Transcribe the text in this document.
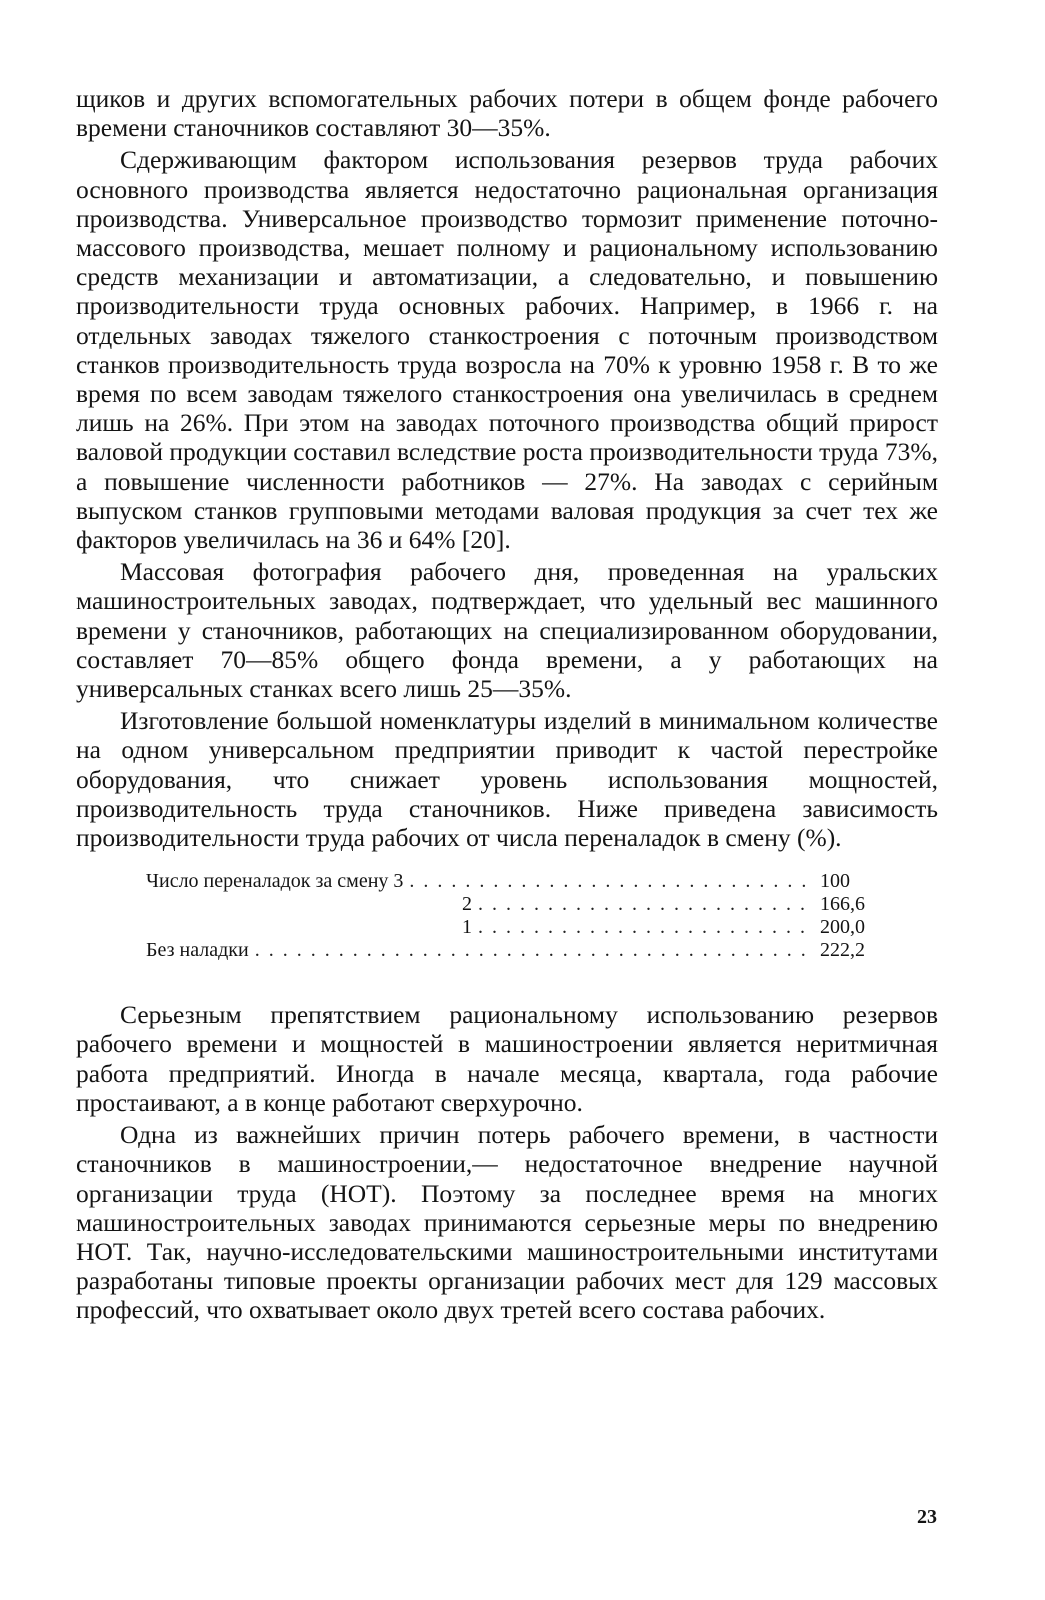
щиков и других вспомогательных рабочих потери в общем фонде рабочего времени станочников составляют 30—35%.

Сдерживающим фактором использования резервов труда рабочих основного производства является недостаточно рациональная организация производства. Универсальное производство тормозит применение поточно-массового производства, мешает полному и рациональному использованию средств механизации и автоматизации, а следовательно, и повышению производительности труда основных рабочих. Например, в 1966 г. на отдельных заводах тяжелого станкостроения с поточным производством станков производительность труда возросла на 70% к уровню 1958 г. В то же время по всем заводам тяжелого станкостроения она увеличилась в среднем лишь на 26%. При этом на заводах поточного производства общий прирост валовой продукции составил вследствие роста производительности труда 73%, а повышение численности работников — 27%. На заводах с серийным выпуском станков групповыми методами валовая продукция за счет тех же факторов увеличилась на 36 и 64% [20].

Массовая фотография рабочего дня, проведенная на уральских машиностроительных заводах, подтверждает, что удельный вес машинного времени у станочников, работающих на специализированном оборудовании, составляет 70—85% общего фонда времени, а у работающих на универсальных станках всего лишь 25—35%.

Изготовление большой номенклатуры изделий в минимальном количестве на одном универсальном предприятии приводит к частой перестройке оборудования, что снижает уровень использования мощностей, производительность труда станочников. Ниже приведена зависимость производительности труда рабочих от числа переналадок в смену (%).

Число переналадок за смену 3 . . .	100
2 . . .	166,6
1 . . .	200,0
Без наладки . . .	222,2

Серьезным препятствием рациональному использованию резервов рабочего времени и мощностей в машиностроении является неритмичная работа предприятий. Иногда в начале месяца, квартала, года рабочие простаивают, а в конце работают сверхурочно.

Одна из важнейших причин потерь рабочего времени, в частности станочников в машиностроении,— недостаточное внедрение научной организации труда (НОТ). Поэтому за последнее время на многих машиностроительных заводах принимаются серьезные меры по внедрению НОТ. Так, научно-исследовательскими машиностроительными институтами разработаны типовые проекты организации рабочих мест для 129 массовых профессий, что охватывает около двух третей всего состава рабочих.

23
